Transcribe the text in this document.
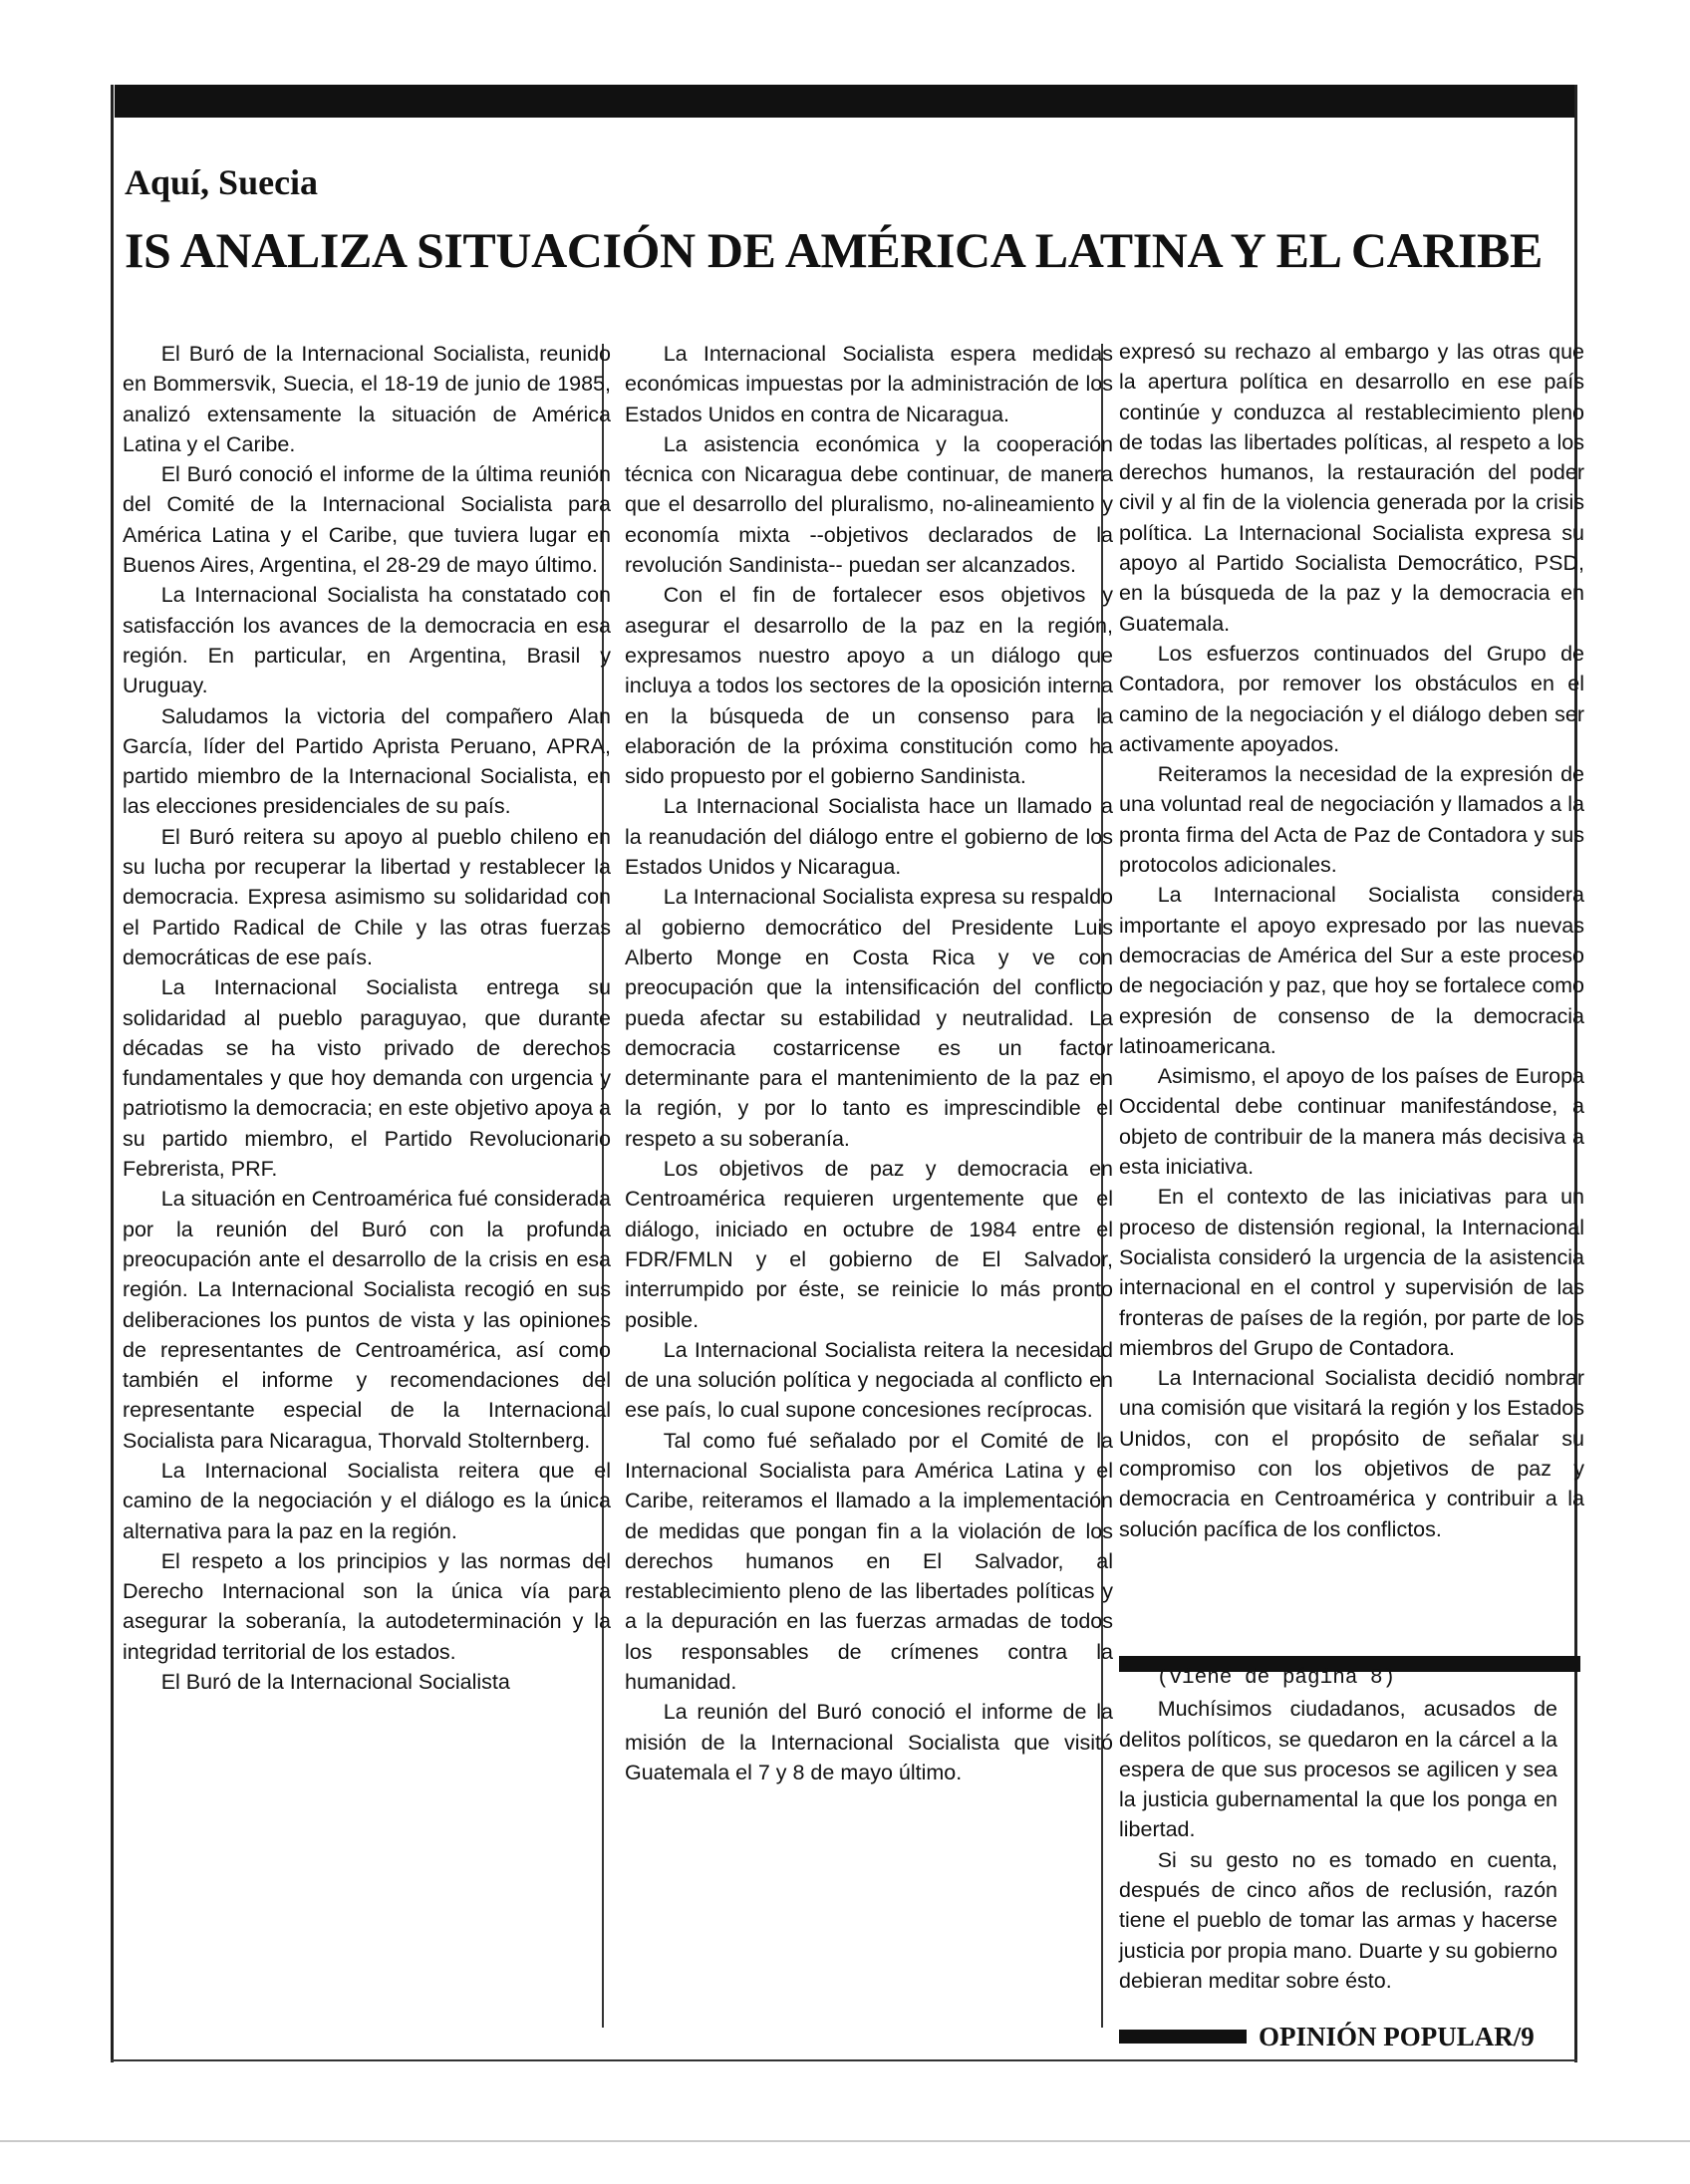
Aquí, Suecia
IS ANALIZA SITUACIÓN DE AMÉRICA LATINA Y EL CARIBE

El Buró de la Internacional Socialista, reunido en Bommersvik, Suecia, el 18-19 de junio de 1985, analizó extensamente la situación de América Latina y el Caribe.

El Buró conoció el informe de la última reunión del Comité de la Internacional Socialista para América Latina y el Caribe, que tuviera lugar en Buenos Aires, Argentina, el 28-29 de mayo último.

La Internacional Socialista ha constatado con satisfacción los avances de la democracia en esa región. En particular, en Argentina, Brasil y Uruguay.

Saludamos la victoria del compañero Alan García, líder del Partido Aprista Peruano, APRA, partido miembro de la Internacional Socialista, en las elecciones presidenciales de su país.

El Buró reitera su apoyo al pueblo chileno en su lucha por recuperar la libertad y restablecer la democracia. Expresa asimismo su solidaridad con el Partido Radical de Chile y las otras fuerzas democráticas de ese país.

La Internacional Socialista entrega su solidaridad al pueblo paraguyao, que durante décadas se ha visto privado de derechos fundamentales y que hoy demanda con urgencia y patriotismo la democracia; en este objetivo apoya a su partido miembro, el Partido Revolucionario Febrerista, PRF.

La situación en Centroamérica fué considerada por la reunión del Buró con la profunda preocupación ante el desarrollo de la crisis en esa región. La Internacional Socialista recogió en sus deliberaciones los puntos de vista y las opiniones de representantes de Centroamérica, así como también el informe y recomendaciones del representante especial de la Internacional Socialista para Nicaragua, Thorvald Stolternberg.

La Internacional Socialista reitera que el camino de la negociación y el diálogo es la única alternativa para la paz en la región.

El respeto a los principios y las normas del Derecho Internacional son la única vía para asegurar la soberanía, la autodeterminación y la integridad territorial de los estados.

El Buró de la Internacional Socialista

La Internacional Socialista espera medidas económicas impuestas por la administración de los Estados Unidos en contra de Nicaragua.

La asistencia económica y la cooperación técnica con Nicaragua debe continuar, de manera que el desarrollo del pluralismo, no-alineamiento y economía mixta --objetivos declarados de la revolución Sandinista-- puedan ser alcanzados.

Con el fin de fortalecer esos objetivos y asegurar el desarrollo de la paz en la región, expresamos nuestro apoyo a un diálogo que incluya a todos los sectores de la oposición interna en la búsqueda de un consenso para la elaboración de la próxima constitución como ha sido propuesto por el gobierno Sandinista.

La Internacional Socialista hace un llamado a la reanudación del diálogo entre el gobierno de los Estados Unidos y Nicaragua.

La Internacional Socialista expresa su respaldo al gobierno democrático del Presidente Luis Alberto Monge en Costa Rica y ve con preocupación que la intensificación del conflicto pueda afectar su estabilidad y neutralidad. La democracia costarricense es un factor determinante para el mantenimiento de la paz en la región, y por lo tanto es imprescindible el respeto a su soberanía.

Los objetivos de paz y democracia en Centroamérica requieren urgentemente que el diálogo, iniciado en octubre de 1984 entre el FDR/FMLN y el gobierno de El Salvador, interrumpido por éste, se reinicie lo más pronto posible.

La Internacional Socialista reitera la necesidad de una solución política y negociada al conflicto en ese país, lo cual supone concesiones recíprocas.

Tal como fué señalado por el Comité de la Internacional Socialista para América Latina y el Caribe, reiteramos el llamado a la implementación de medidas que pongan fin a la violación de los derechos humanos en El Salvador, al restablecimiento pleno de las libertades políticas y a la depuración en las fuerzas armadas de todos los responsables de crímenes contra la humanidad.

La reunión del Buró conoció el informe de la misión de la Internacional Socialista que visitó Guatemala el 7 y 8 de mayo último.

expresó su rechazo al embargo y las otras que la apertura política en desarrollo en ese país continúe y conduzca al restablecimiento pleno de todas las libertades políticas, al respeto a los derechos humanos, la restauración del poder civil y al fin de la violencia generada por la crisis política. La Internacional Socialista expresa su apoyo al Partido Socialista Democrático, PSD, en la búsqueda de la paz y la democracia en Guatemala.

Los esfuerzos continuados del Grupo de Contadora, por remover los obstáculos en el camino de la negociación y el diálogo deben ser activamente apoyados.

Reiteramos la necesidad de la expresión de una voluntad real de negociación y llamados a la pronta firma del Acta de Paz de Contadora y sus protocolos adicionales.

La Internacional Socialista considera importante el apoyo expresado por las nuevas democracias de América del Sur a este proceso de negociación y paz, que hoy se fortalece como expresión de consenso de la democracia latinoamericana.

Asimismo, el apoyo de los países de Europa Occidental debe continuar manifestándose, a objeto de contribuir de la manera más decisiva a esta iniciativa.

En el contexto de las iniciativas para un proceso de distensión regional, la Internacional Socialista consideró la urgencia de la asistencia internacional en el control y supervisión de las fronteras de países de la región, por parte de los miembros del Grupo de Contadora.

La Internacional Socialista decidió nombrar una comisión que visitará la región y los Estados Unidos, con el propósito de señalar su compromiso con los objetivos de paz y democracia en Centroamérica y contribuir a la solución pacífica de los conflictos.

(viene de página 8)

Muchísimos ciudadanos, acusados de delitos políticos, se quedaron en la cárcel a la espera de que sus procesos se agilicen y sea la justicia gubernamental la que los ponga en libertad.

Si su gesto no es tomado en cuenta, después de cinco años de reclusión, razón tiene el pueblo de tomar las armas y hacerse justicia por propia mano. Duarte y su gobierno debieran meditar sobre ésto.

OPINIÓN POPULAR/9
